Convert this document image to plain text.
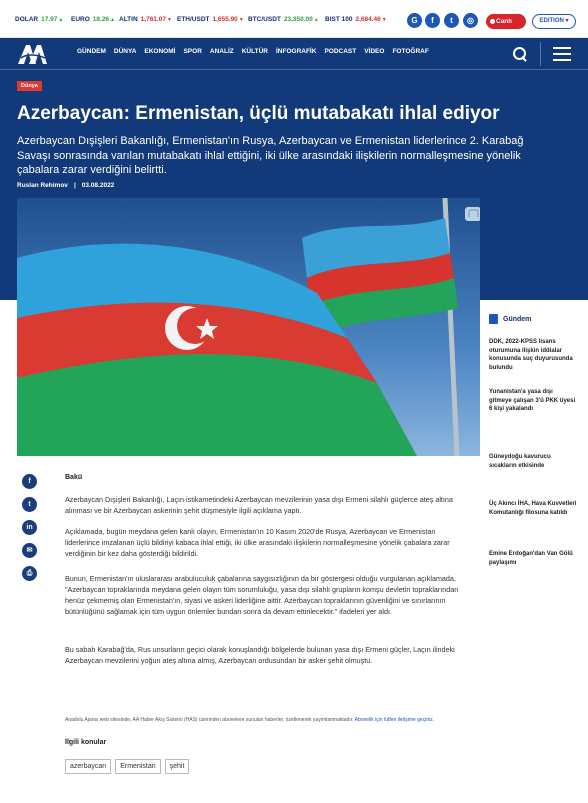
DOLAR 17.97▲ EURO 18.26▲ ALTIN 1,761.07▼ ETH/USDT 1,655.90▼ BTC/USDT 23,350.00▲ BIST 100 2,684.46▼	G	f	t	◎	Canlı	EDITION ▾
GÜNDEM DÜNYA EKONOMİ SPOR ANALİZ KÜLTÜR İNFOGRAFİK PODCAST VİDEO FOTOĞRAF
Dünya
Azerbaycan: Ermenistan, üçlü mutabakatı ihlal ediyor

Azerbaycan Dışişleri Bakanlığı, Ermenistan'ın Rusya, Azerbaycan ve Ermenistan liderlerince 2. Karabağ Savaşı sonrasında varılan mutabakatı ihlal ettiğini, iki ülke arasındaki ilişkilerin normalleşmesine yönelik çabalara zarar verdiğini belirtti.

Ruslan Rehimov | 03.08.2022
Gündem
DDK, 2022-KPSS lisans oturumuna ilişkin iddialar konusunda suç duyurusunda bulundu
Yunanistan'a yasa dışı gitmeye çalışan 3'ü PKK üyesi 6 kişi yakalandı
Güneydoğu kavurucu sıcakların etkisinde
Üç Akıncı İHA, Hava Kuvvetleri Komutanlığı filosuna katıldı
Emine Erdoğan'dan Van Gölü paylaşımı
f
t
in
✉
⎙
Bakü

Azerbaycan Dışişleri Bakanlığı, Laçın istikametindeki Azerbaycan mevzilerinin yasa dışı Ermeni silahlı güçlerce ateş altına alınması ve bir Azerbaycan askerinin şehit düşmesiyle ilgili açıklama yaptı.

Açıklamada, bugün meydana gelen kanlı olayın, Ermenistan'ın 10 Kasım 2020'de Rusya, Azerbaycan ve Ermenistan liderlerince imzalanan üçlü bildiriyi kabaca ihlal ettiği, iki ülke arasındaki ilişkilerin normalleşmesine yönelik çabalara zarar verdiğinin bir kez daha gösterdiği bildirildi.

Bunun, Ermenistan'ın uluslararası arabuluculuk çabalarına saygısızlığının da bir göstergesi olduğu vurgulanan açıklamada, "Azerbaycan topraklarında meydana gelen olayın tüm sorumluluğu, yasa dışı silahlı grupların komşu devletin topraklarından henüz çekmemiş olan Ermenistan'ın, siyasi ve askeri liderliğine aittir. Azerbaycan topraklarının güvenliğini ve sınırlarının bütünlüğünü sağlamak için tüm uygun önlemler bundan sonra da devam ettirilecektir." ifadeleri yer aldı.

Bu sabah Karabağ'da, Rus unsurların geçici olarak konuşlandığı bölgelerde bulunan yasa dışı Ermeni güçler, Laçın ilindeki Azerbaycan mevzilerini yoğun ateş altına almış, Azerbaycan ordusundan bir asker şehit olmuştu.

Anadolu Ajansı web sitesinde, AA Haber Akış Sistemi (HAS) üzerinden abonelere sunulan haberler, özetlenerek yayımlanmaktadır. Abonelik için lütfen iletişime geçiniz.

İlgili konular
azerbaycan	Ermenistan	şehit
